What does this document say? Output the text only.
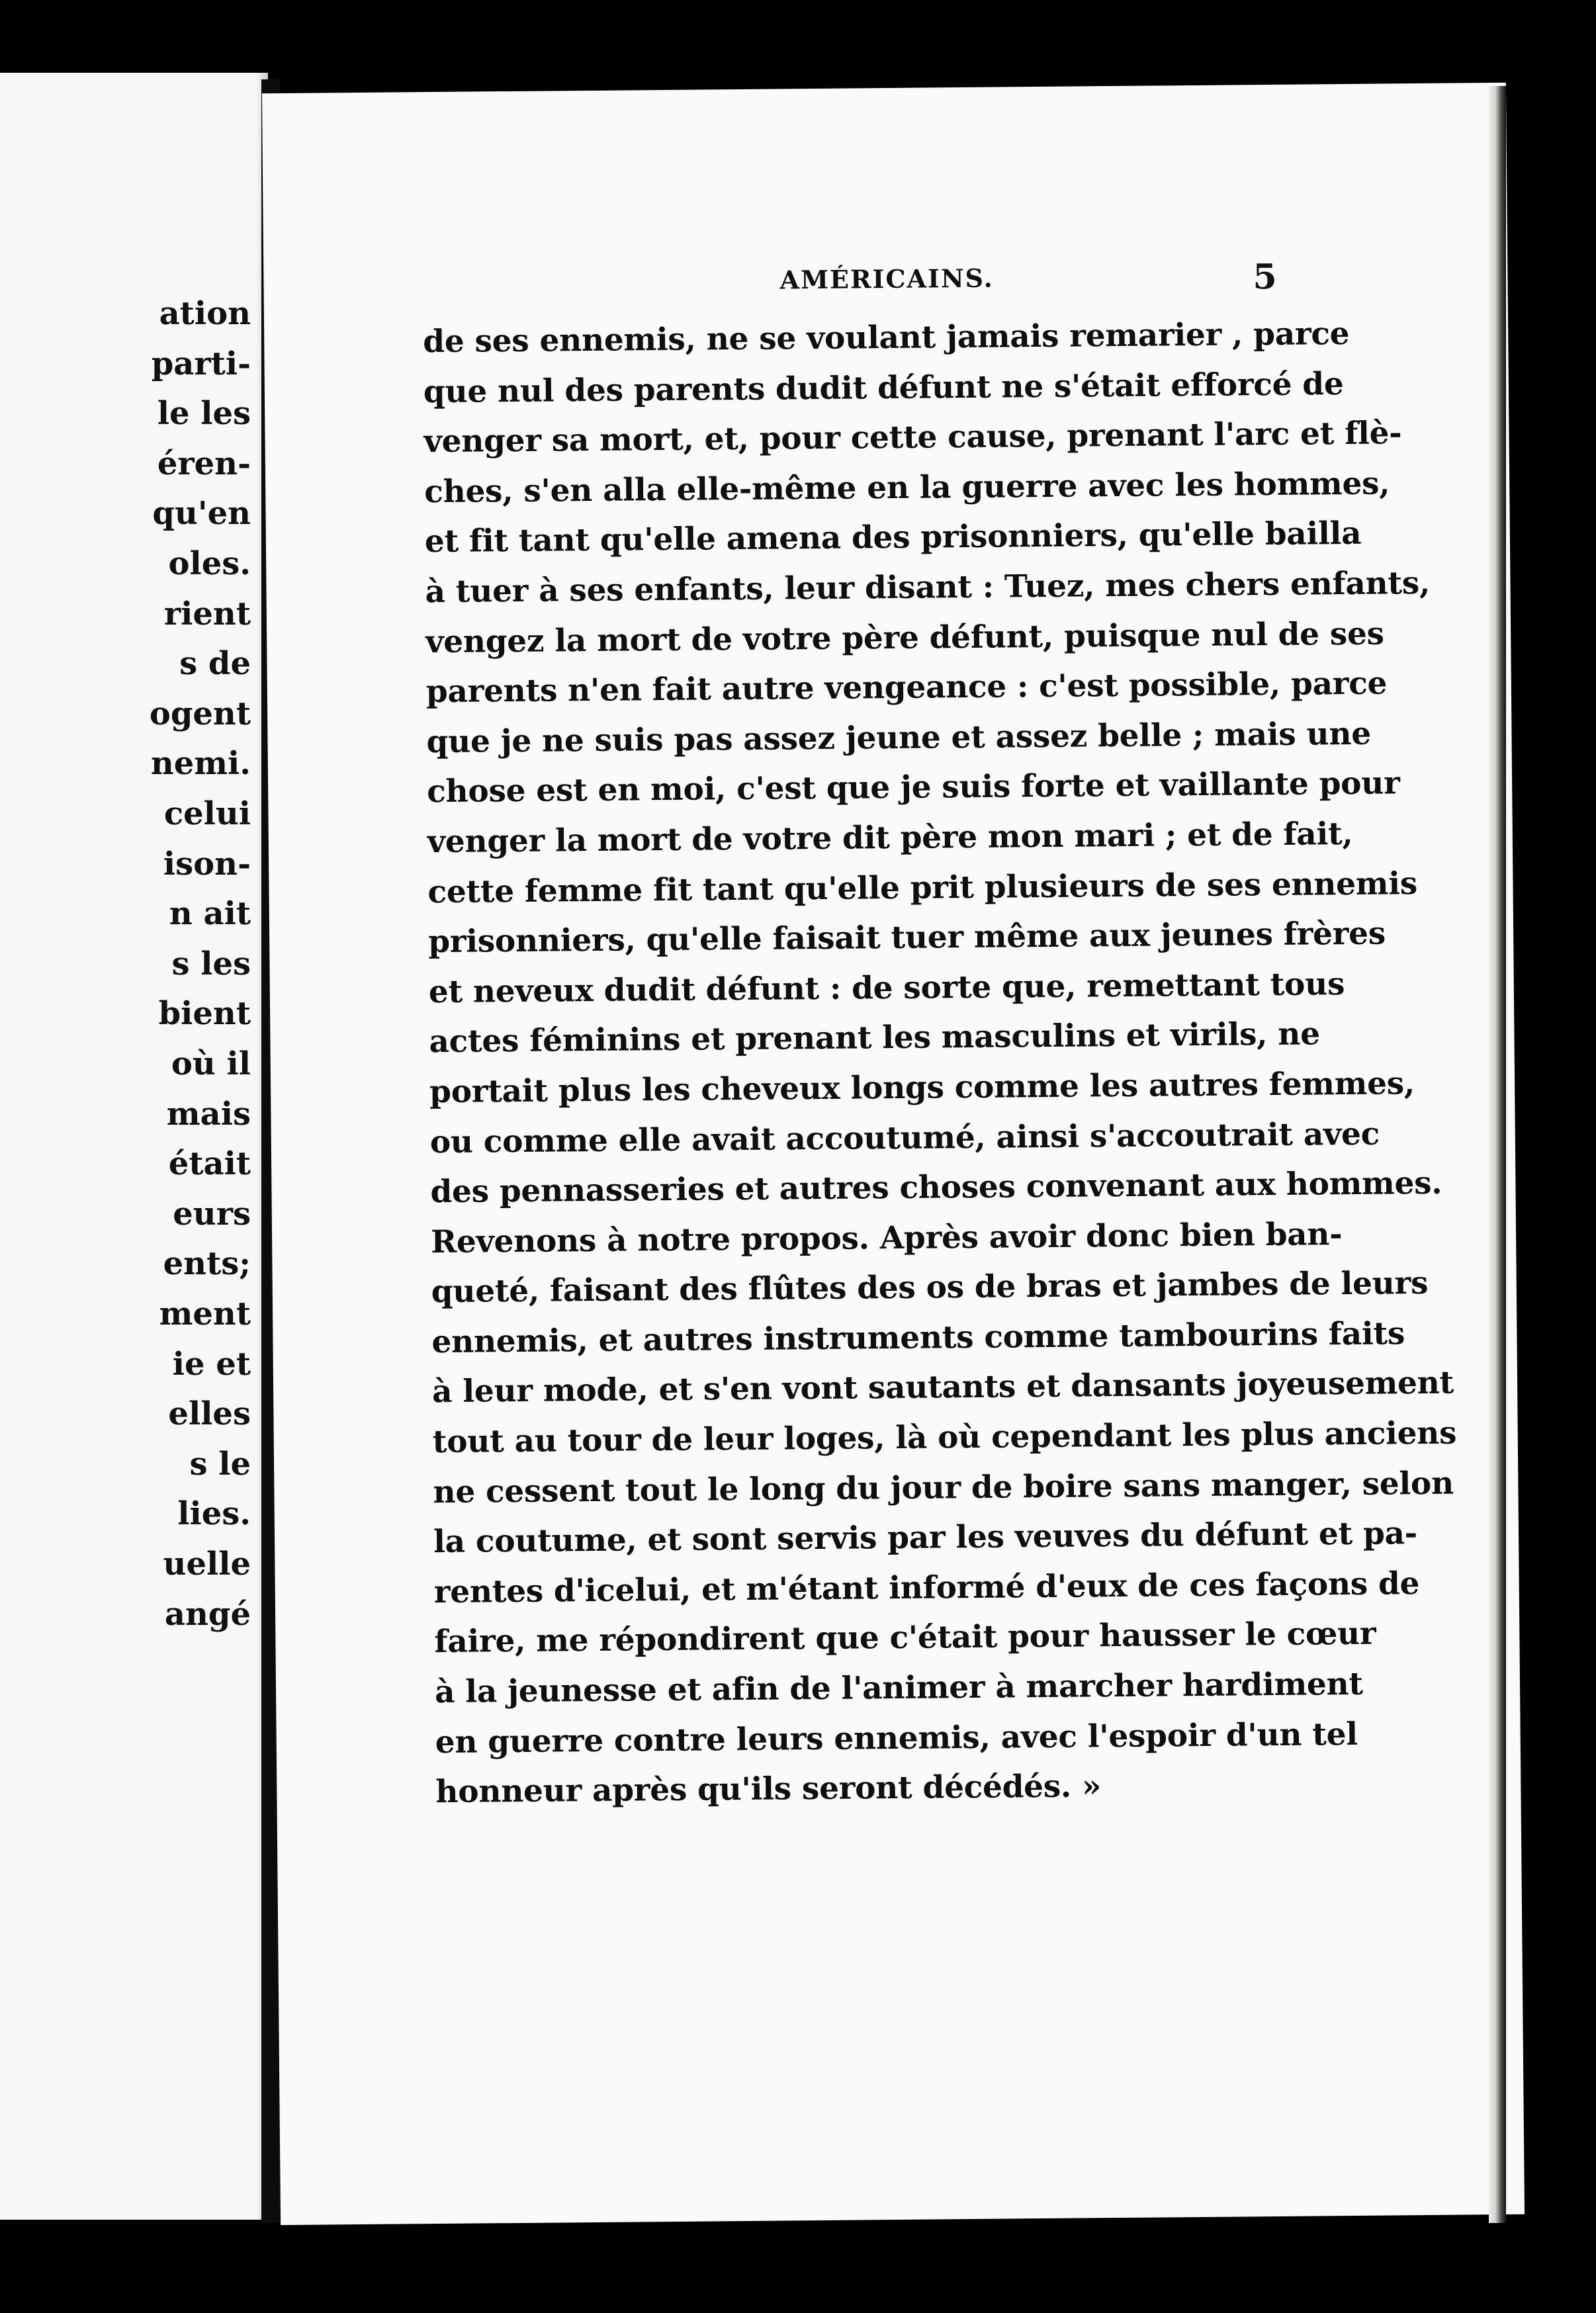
ation
parti-
le les
éren-
qu'en
oles.
rient
s de
ogent
nemi.
celui
ison-
n ait
s les
bient
où il
mais
était
eurs
ents;
ment
ie et
elles
s le
lies.
uelle
angé
AMÉRICAINS.	5
de ses ennemis, ne se voulant jamais remarier , parce
que nul des parents dudit défunt ne s'était efforcé de
venger sa mort, et, pour cette cause, prenant l'arc et flè-
ches, s'en alla elle-même en la guerre avec les hommes,
et fit tant qu'elle amena des prisonniers, qu'elle bailla
à tuer à ses enfants, leur disant : Tuez, mes chers enfants,
vengez la mort de votre père défunt, puisque nul de ses
parents n'en fait autre vengeance : c'est possible, parce
que je ne suis pas assez jeune et assez belle ; mais une
chose est en moi, c'est que je suis forte et vaillante pour
venger la mort de votre dit père mon mari ; et de fait,
cette femme fit tant qu'elle prit plusieurs de ses ennemis
prisonniers, qu'elle faisait tuer même aux jeunes frères
et neveux dudit défunt : de sorte que, remettant tous
actes féminins et prenant les masculins et virils, ne
portait plus les cheveux longs comme les autres femmes,
ou comme elle avait accoutumé, ainsi s'accoutrait avec
des pennasseries et autres choses convenant aux hommes.
Revenons à notre propos. Après avoir donc bien ban-
queté, faisant des flûtes des os de bras et jambes de leurs
ennemis, et autres instruments comme tambourins faits
à leur mode, et s'en vont sautants et dansants joyeusement
tout au tour de leur loges, là où cependant les plus anciens
ne cessent tout le long du jour de boire sans manger, selon
la coutume, et sont servis par les veuves du défunt et pa-
rentes d'icelui, et m'étant informé d'eux de ces façons de
faire, me répondirent que c'était pour hausser le cœur
à la jeunesse et afin de l'animer à marcher hardiment
en guerre contre leurs ennemis, avec l'espoir d'un tel
honneur après qu'ils seront décédés. »
